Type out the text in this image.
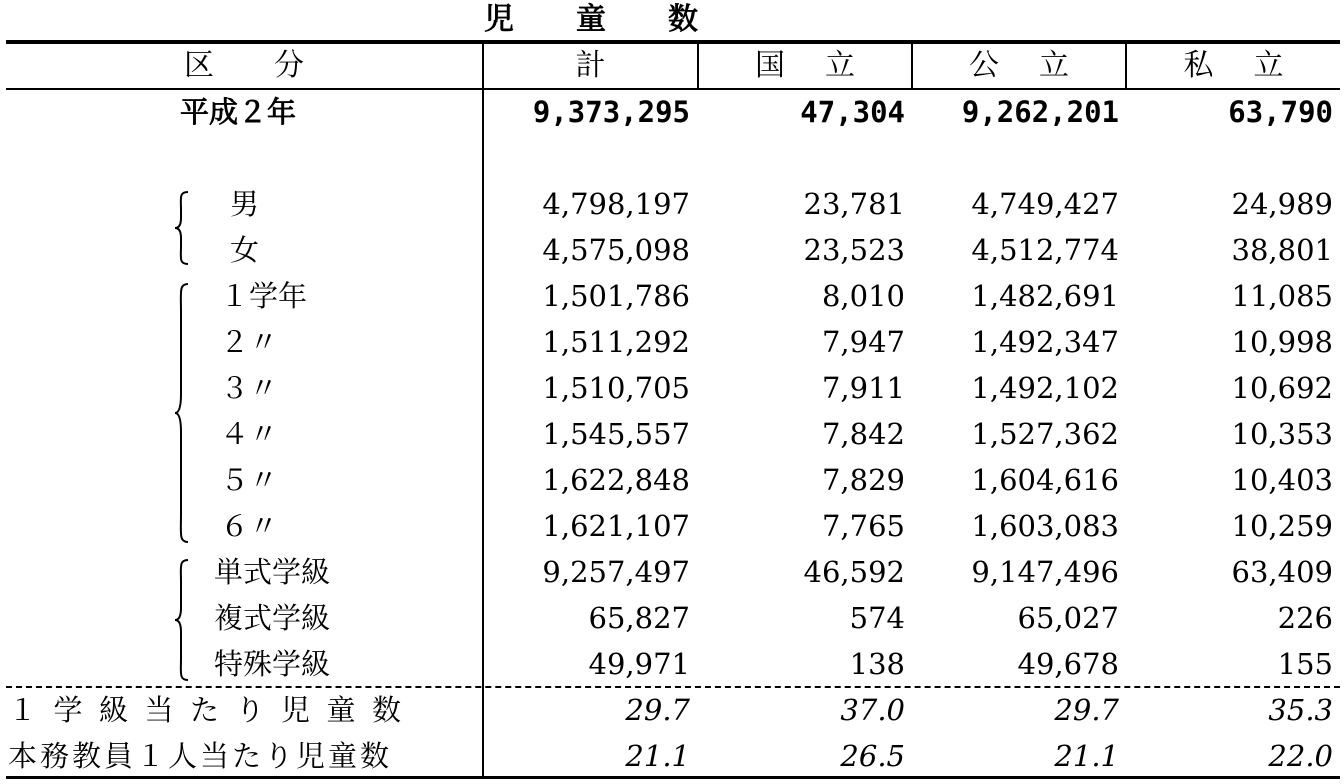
児童数
区分	計	国立	公立	私立
平成２年	9,373,295	47,304	9,262,201	63,790
男	4,798,197	23,781	4,749,427	24,989
女	4,575,098	23,523	4,512,774	38,801
１学年	1,501,786	8,010	1,482,691	11,085
２〃	1,511,292	7,947	1,492,347	10,998
３〃	1,510,705	7,911	1,492,102	10,692
４〃	1,545,557	7,842	1,527,362	10,353
５〃	1,622,848	7,829	1,604,616	10,403
６〃	1,621,107	7,765	1,603,083	10,259
単式学級	9,257,497	46,592	9,147,496	63,409
複式学級	65,827	574	65,027	226
特殊学級	49,971	138	49,678	155
１学級当たり児童数	29.7	37.0	29.7	35.3
本務教員１人当たり児童数	21.1	26.5	21.1	22.0
